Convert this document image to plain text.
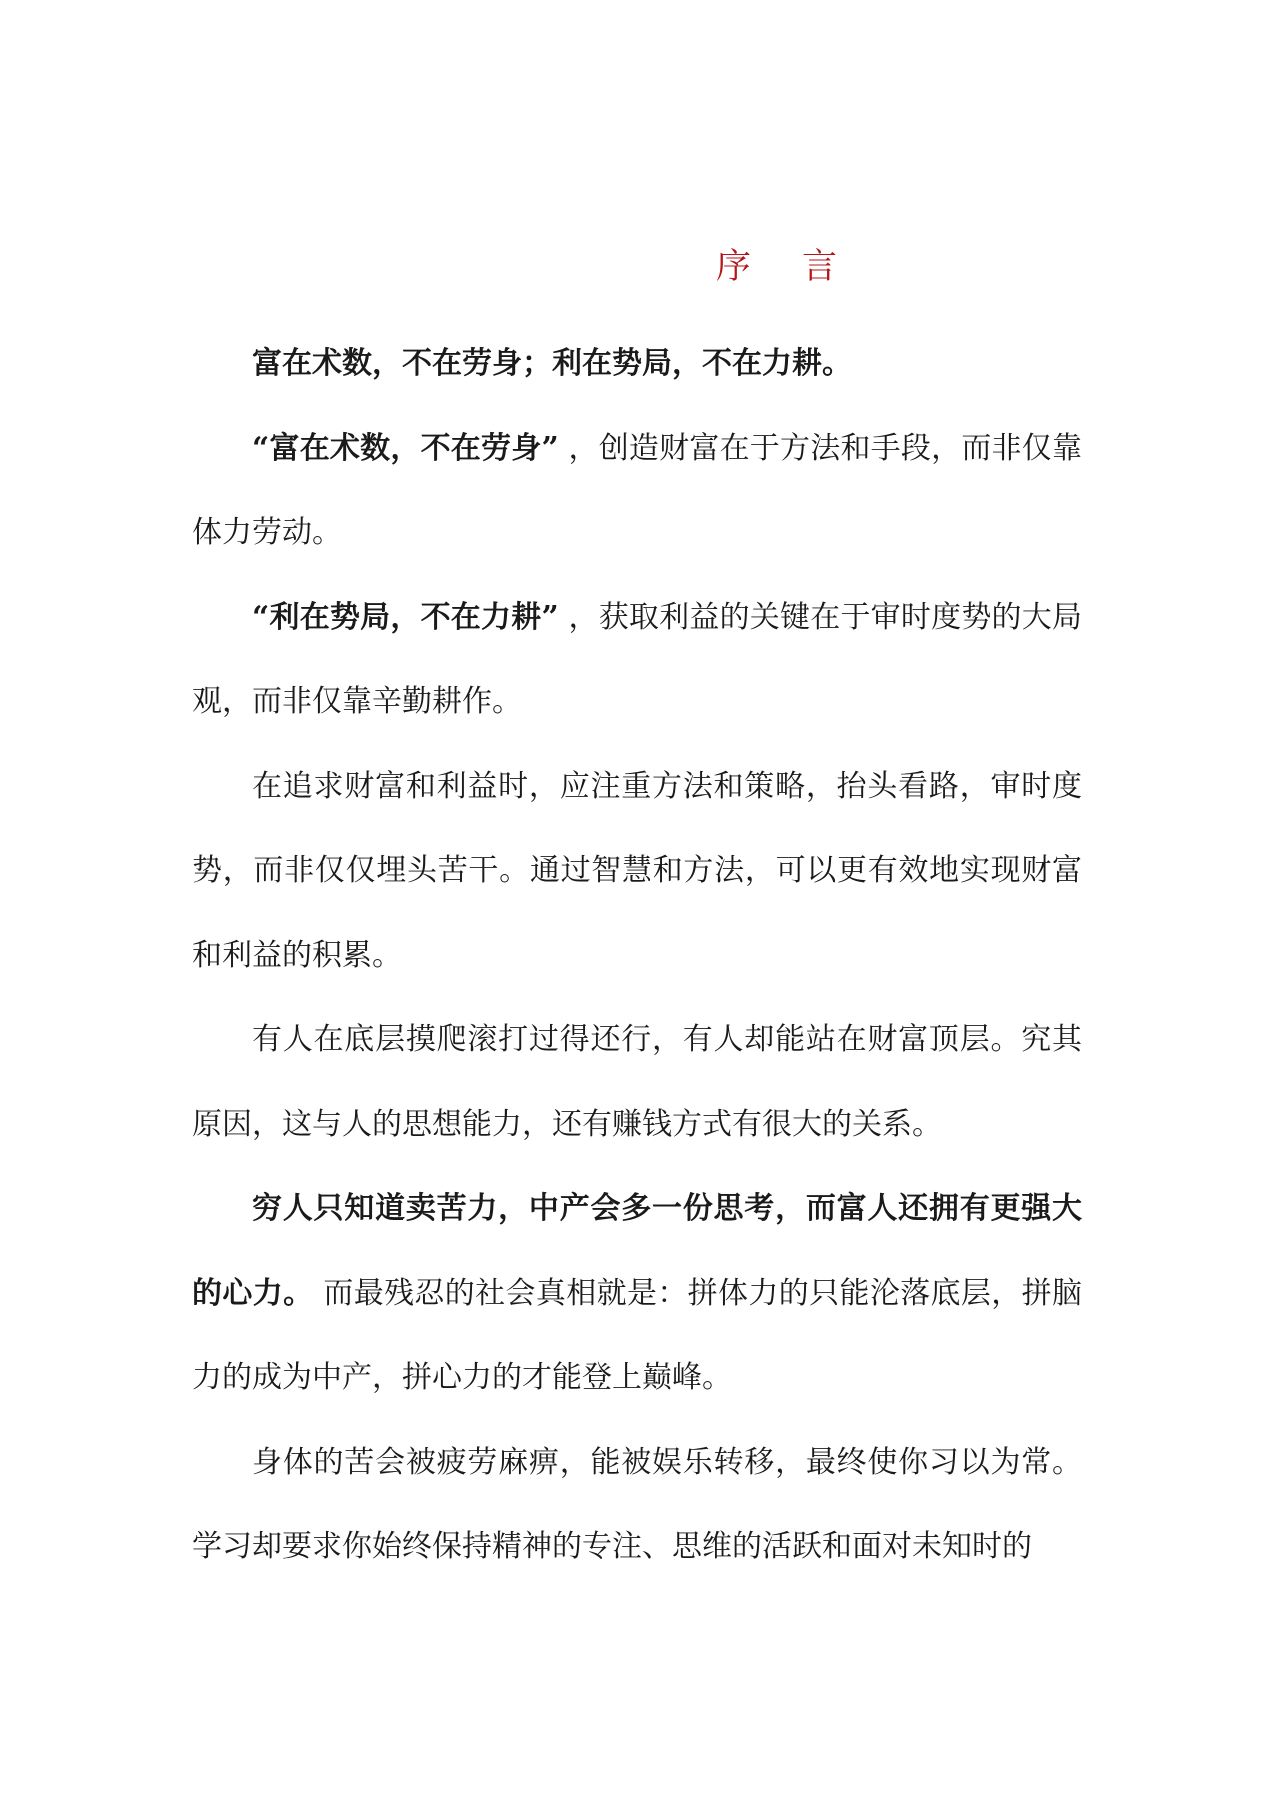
序 言

富在术数，不在劳身；利在势局，不在力耕。

“富在术数，不在劳身” ，创造财富在于方法和手段，而非仅靠体力劳动。

“利在势局，不在力耕” ，获取利益的关键在于审时度势的大局观，而非仅靠辛勤耕作。

在追求财富和利益时，应注重方法和策略，抬头看路，审时度势，而非仅仅埋头苦干。通过智慧和方法，可以更有效地实现财富和利益的积累。

有人在底层摸爬滚打过得还行，有人却能站在财富顶层。究其原因，这与人的思想能力，还有赚钱方式有很大的关系。

穷人只知道卖苦力，中产会多一份思考，而富人还拥有更强大的心力。 而最残忍的社会真相就是：拼体力的只能沦落底层，拼脑力的成为中产，拼心力的才能登上巅峰。

身体的苦会被疲劳麻痹，能被娱乐转移，最终使你习以为常。学习却要求你始终保持精神的专注、思维的活跃和面对未知时的
